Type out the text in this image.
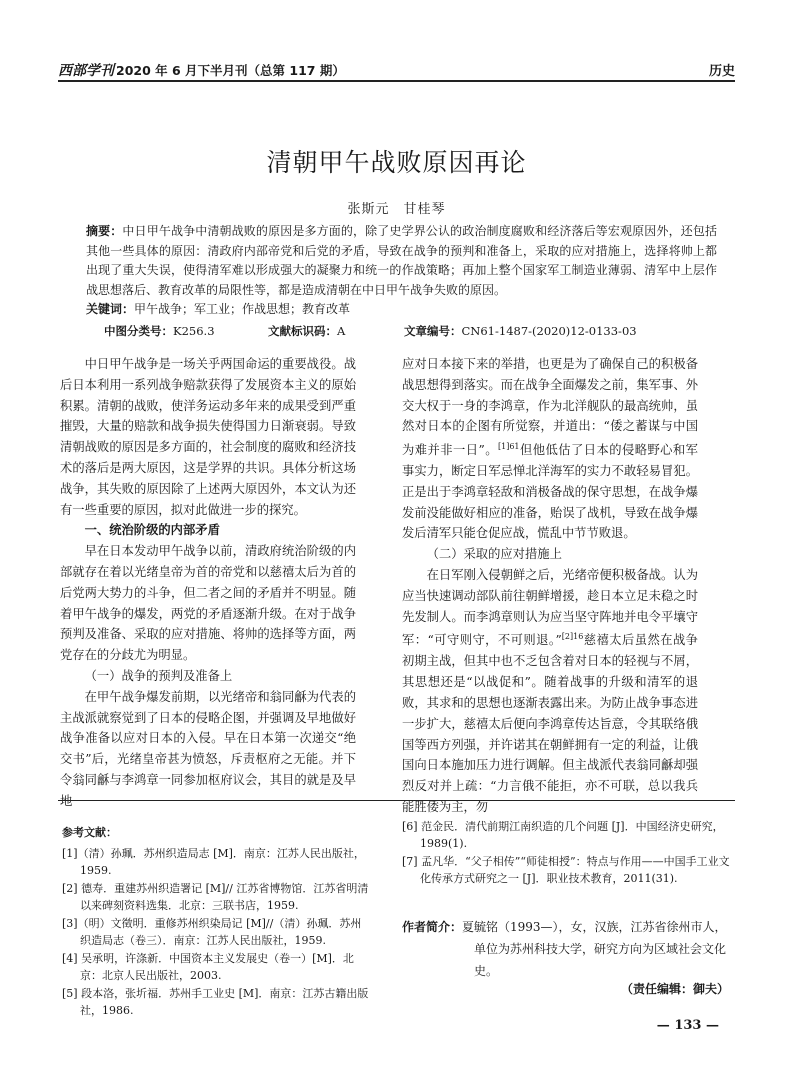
西部学刊 2020 年 6 月下半月刊（总第 117 期）	历史
清朝甲午战败原因再论
张斯元　甘桂琴
摘要：中日甲午战争中清朝战败的原因是多方面的，除了史学界公认的政治制度腐败和经济落后等宏观原因外，还包括其他一些具体的原因：清政府内部帝党和后党的矛盾，导致在战争的预判和准备上，采取的应对措施上，选择将帅上都出现了重大失误，使得清军难以形成强大的凝聚力和统一的作战策略；再加上整个国家军工制造业薄弱、清军中上层作战思想落后、教育改革的局限性等，都是造成清朝在中日甲午战争失败的原因。
关键词：甲午战争；军工业；作战思想；教育改革
中图分类号：K256.3	文献标识码：A	文章编号：CN61-1487-(2020)12-0133-03

中日甲午战争是一场关乎两国命运的重要战役。战后日本利用一系列战争赔款获得了发展资本主义的原始积累。清朝的战败，使洋务运动多年来的成果受到严重摧毁，大量的赔款和战争损失使得国力日渐衰弱。导致清朝战败的原因是多方面的，社会制度的腐败和经济技术的落后是两大原因，这是学界的共识。具体分析这场战争，其失败的原因除了上述两大原因外，本文认为还有一些重要的原因，拟对此做进一步的探究。

一、统治阶级的内部矛盾

早在日本发动甲午战争以前，清政府统治阶级的内部就存在着以光绪皇帝为首的帝党和以慈禧太后为首的后党两大势力的斗争，但二者之间的矛盾并不明显。随着甲午战争的爆发，两党的矛盾逐渐升级。在对于战争预判及准备、采取的应对措施、将帅的选择等方面，两党存在的分歧尤为明显。

（一）战争的预判及准备上

在甲午战争爆发前期，以光绪帝和翁同龢为代表的主战派就察觉到了日本的侵略企图，并强调及早地做好战争准备以应对日本的入侵。早在日本第一次递交“绝交书”后，光绪皇帝甚为愤怒，斥责枢府之无能。并下令翁同龢与李鸿章一同参加枢府议会，其目的就是及早地

应对日本接下来的举措，也更是为了确保自己的积极备战思想得到落实。而在战争全面爆发之前，集军事、外交大权于一身的李鸿章，作为北洋舰队的最高统帅，虽然对日本的企图有所觉察，并道出：“倭之蓄谋与中国为难并非一日”。$^{[1]61}$但他低估了日本的侵略野心和军事实力，断定日军忌惮北洋海军的实力不敢轻易冒犯。正是出于李鸿章轻敌和消极备战的保守思想，在战争爆发前没能做好相应的准备，贻误了战机，导致在战争爆发后清军只能仓促应战，慌乱中节节败退。

（二）采取的应对措施上

在日军刚入侵朝鲜之后，光绪帝便积极备战。认为应当快速调动部队前往朝鲜增援，趁日本立足未稳之时先发制人。而李鸿章则认为应当坚守阵地并电令平壤守军：“可守则守，不可则退。”$^{[2]16}$慈禧太后虽然在战争初期主战，但其中也不乏包含着对日本的轻视与不屑，其思想还是“以战促和”。随着战事的升级和清军的退败，其求和的思想也逐渐表露出来。为防止战争事态进一步扩大，慈禧太后便向李鸿章传达旨意，令其联络俄国等西方列强，并许诺其在朝鲜拥有一定的利益，让俄国向日本施加压力进行调解。但主战派代表翁同龢却强烈反对并上疏：“力言俄不能拒，亦不可联，总以我兵能胜倭为主，勿

参考文献：
[1]（清）孙珮．苏州织造局志 [M]．南京：江苏人民出版社，1959.
[2] 德寿．重建苏州织造署记 [M]// 江苏省博物馆．江苏省明清以来碑刻资料选集．北京：三联书店，1959.
[3]（明）文徵明．重修苏州织染局记 [M]//（清）孙珮．苏州织造局志（卷三）．南京：江苏人民出版社，1959.
[4] 吴承明，许涤新．中国资本主义发展史（卷一）[M]．北京：北京人民出版社，2003.
[5] 段本洛，张圻福．苏州手工业史 [M]．南京：江苏古籍出版社，1986.
[6] 范金民．清代前期江南织造的几个问题 [J]．中国经济史研究，1989(1).
[7] 孟凡华．“父子相传”“师徒相授”：特点与作用——中国手工业文化传承方式研究之一 [J]．职业技术教育，2011(31).
作者简介：夏毓铭（1993—），女，汉族，江苏省徐州市人，单位为苏州科技大学，研究方向为区域社会文化史。
（责任编辑：御夫）
— 133 —
